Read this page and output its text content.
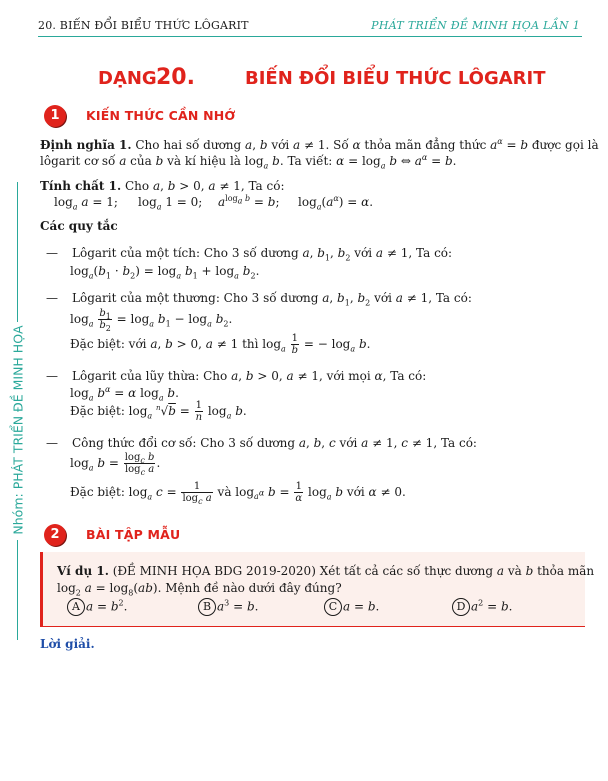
20. BIẾN ĐỔI BIỂU THỨC LÔGARIT	PHÁT TRIỂN ĐỀ MINH HỌA LẦN 1
Nhóm: PHÁT TRIỂN ĐỀ MINH HỌA
DẠNG 20.	BIẾN ĐỔI BIỂU THỨC LÔGARIT
1	KIẾN THỨC CẦN NHỚ
Định nghĩa 1. Cho hai số dương a, b với a ≠ 1. Số α thỏa mãn đẳng thức $a^\alpha = b$ được gọi là
lôgarit cơ số a của b và kí hiệu là $\log_a b$. Ta viết: $\alpha = \log_a b$ ⇔ $a^\alpha = b$.
Tính chất 1. Cho a, b > 0, a ≠ 1, Ta có:
$\log_a a = 1$; $\log_a 1 = 0$; $a^{log_a b} = b$; $\log_a(a^\alpha) = \alpha$.
Các quy tắc
— Lôgarit của một tích: Cho 3 số dương a, $b_1$, $b_2$ với a ≠ 1, Ta có:
$\log_a(b_1 \cdot b_2) = \log_a b_1 + \log_a b_2$.
— Lôgarit của một thương: Cho 3 số dương a, $b_1$, $b_2$ với a ≠ 1, Ta có:
$\log_a \frac{b_1}{b_2} = \log_a b_1 - \log_a b_2$.
Đặc biệt: với a, b > 0, a ≠ 1 thì $\log_a \frac{1}{b}$ = − $\log_a b$.
— Lôgarit của lũy thừa: Cho a, b > 0, a ≠ 1, với mọi α, Ta có:
$\log_a b^\alpha = \alpha$ $\log_a b$.
Đặc biệt: $\log_a ^n√b = \frac{1}{n} \log_a b$.
— Công thức đổi cơ số: Cho 3 số dương a, b, c với a ≠ 1, c ≠ 1, Ta có:
$\log_a b = \frac{\log_c b}{\log_c a}$ .
Đặc biệt: $\log_a c = \frac{1}{\log_c a}$ và $\log_{a^\alpha} b = \frac{1}{\alpha} \log_a b$ với α ≠ 0.
2	BÀI TẬP MẪU
Ví dụ 1. (ĐỀ MINH HỌA BDG 2019-2020) Xét tất cả các số thực dương a và b thỏa mãn
$\log_2 a = \log_8(ab)$. Mệnh đề nào dưới đây đúng?
A $a = b^2$.	B $a^3 = b$.	C a = b.	D $a^2 = b$.
Lời giải.
